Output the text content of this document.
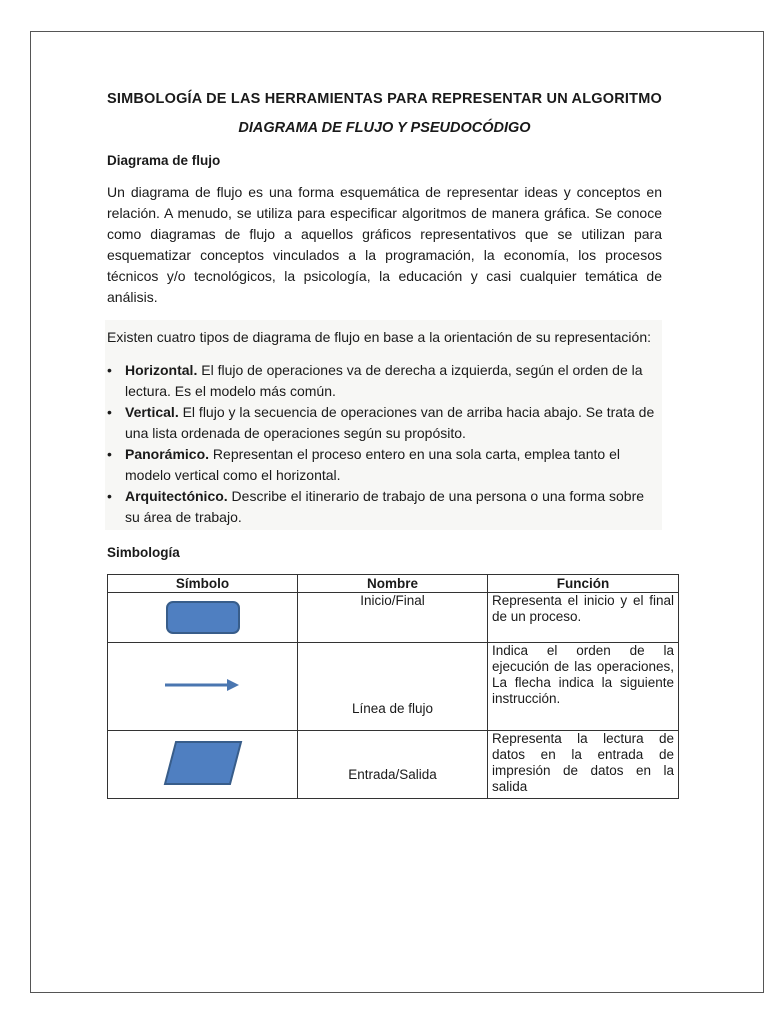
SIMBOLOGÍA DE LAS HERRAMIENTAS PARA REPRESENTAR UN ALGORITMO

DIAGRAMA DE FLUJO Y PSEUDOCÓDIGO

Diagrama de flujo

Un diagrama de flujo es una forma esquemática de representar ideas y conceptos en relación. A menudo, se utiliza para especificar algoritmos de manera gráfica. Se conoce como diagramas de flujo a aquellos gráficos representativos que se utilizan para esquematizar conceptos vinculados a la programación, la economía, los procesos técnicos y/o tecnológicos, la psicología, la educación y casi cualquier temática de análisis.

Existen cuatro tipos de diagrama de flujo en base a la orientación de su representación:
• Horizontal. El flujo de operaciones va de derecha a izquierda, según el orden de la lectura. Es el modelo más común.
• Vertical. El flujo y la secuencia de operaciones van de arriba hacia abajo. Se trata de una lista ordenada de operaciones según su propósito.
• Panorámico. Representan el proceso entero en una sola carta, emplea tanto el modelo vertical como el horizontal.
• Arquitectónico. Describe el itinerario de trabajo de una persona o una forma sobre su área de trabajo.

Simbología

Símbolo	Nombre	Función
	Inicio/Final	Representa el inicio y el final de un proceso.
	Línea de flujo	Indica el orden de la ejecución de las operaciones, La flecha indica la siguiente instrucción.
	Entrada/Salida	Representa la lectura de datos en la entrada de impresión de datos en la salida
